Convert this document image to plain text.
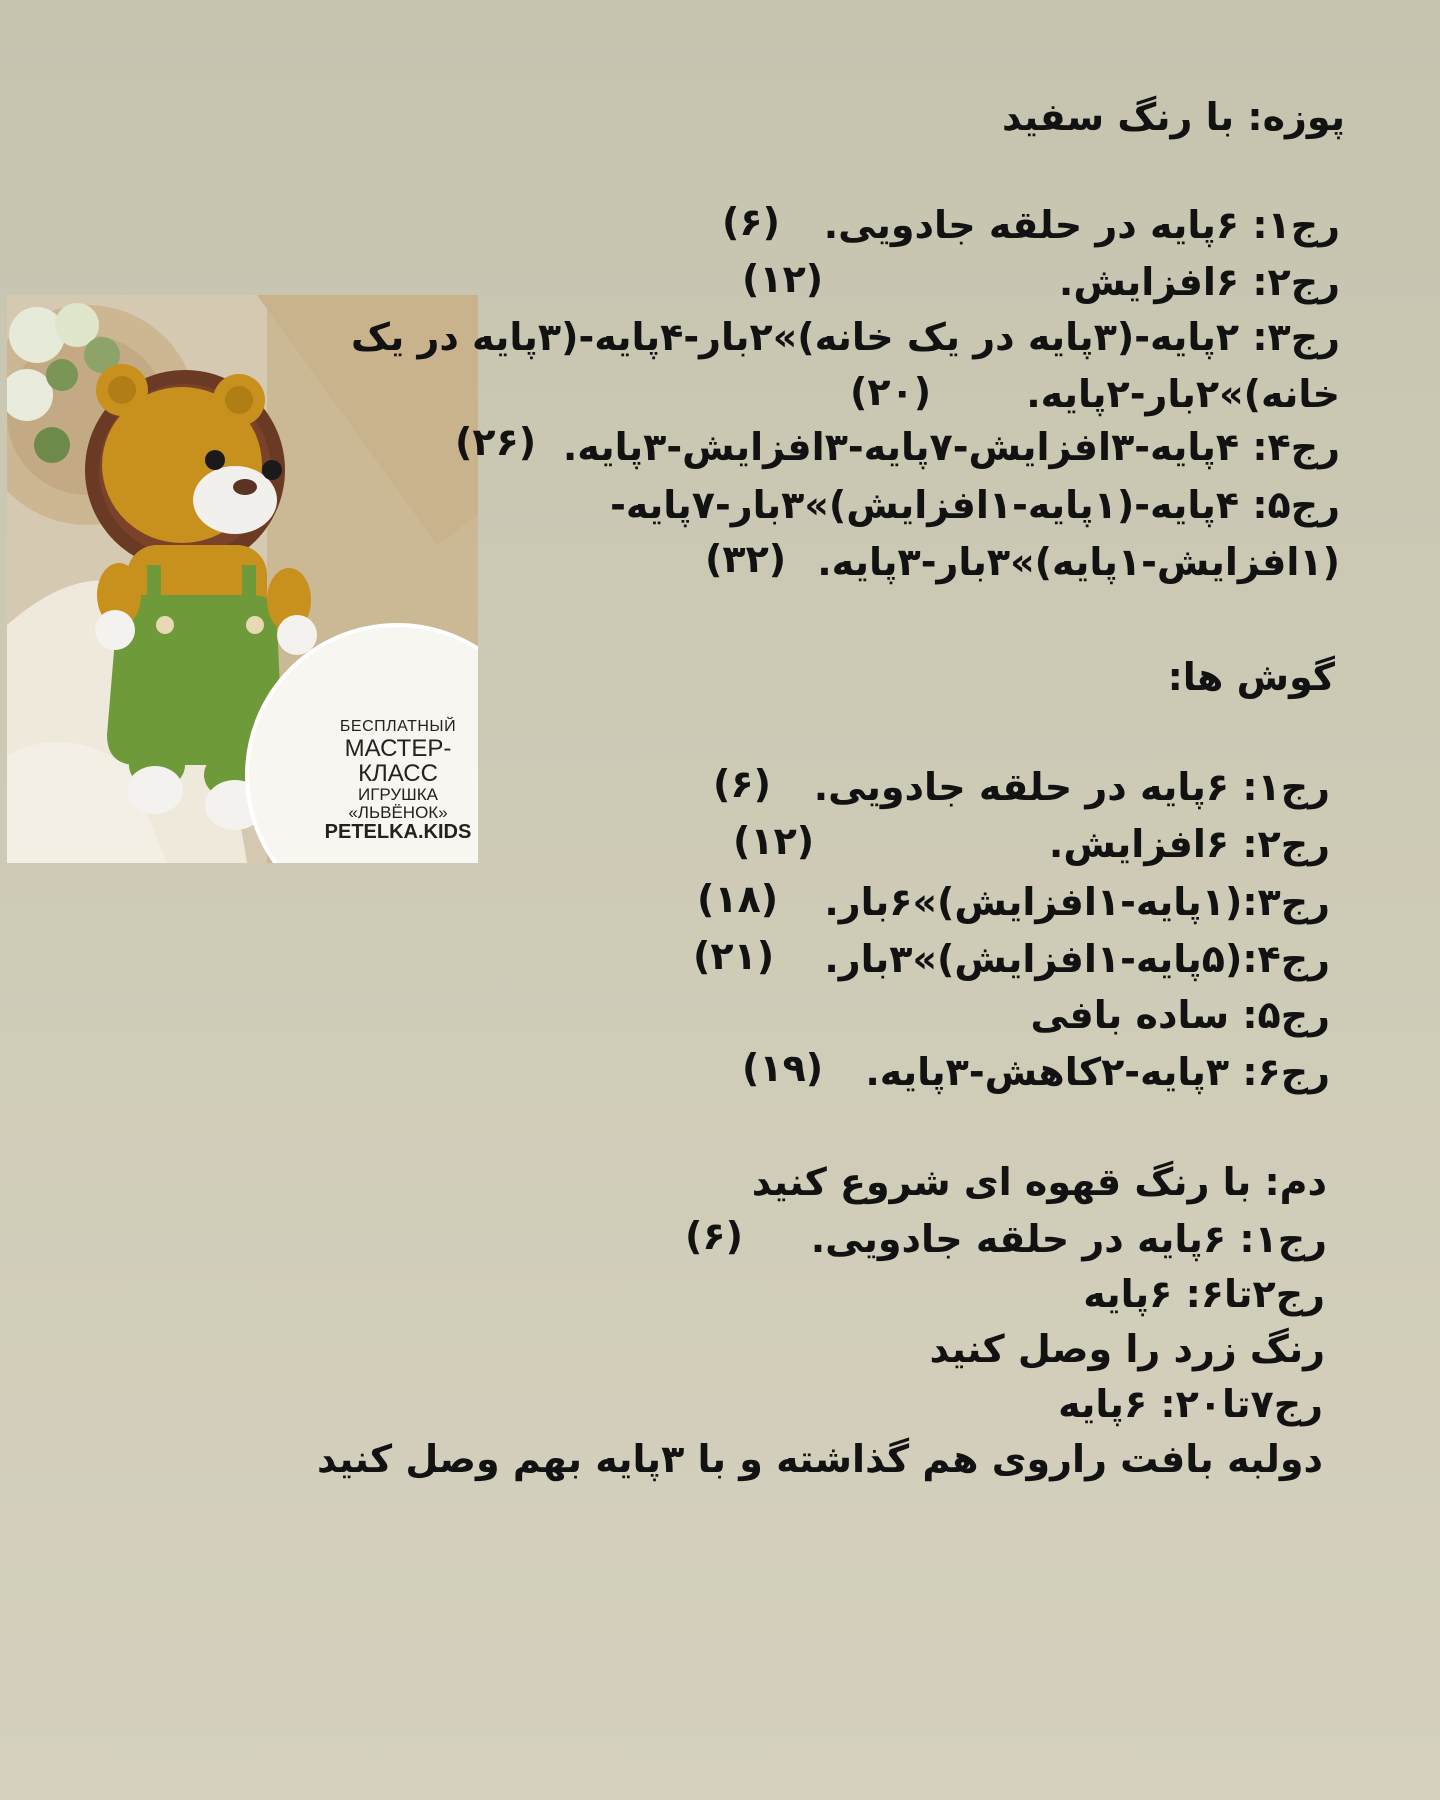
БЕСПЛАТНЫЙ
МАСТЕР-
КЛАСС
ИГРУШКА
«ЛЬВЁНОК»
PETELKA.KIDS
پوزه: با رنگ سفید
رج۱: ۶پایه در حلقه جادویی.
(۶)
رج۲: ۶افزایش.
(۱۲)
رج۳: ۲پایه-(۳پایه در یک خانه)»۲بار-۴پایه-(۳پایه در یک
خانه)»۲بار-۲پایه.
(۲۰)
رج۴: ۴پایه-۳افزایش-۷پایه-۳افزایش-۳پایه.
(۲۶)
رج۵: ۴پایه-(۱پایه-۱افزایش)»۳بار-۷پایه-
(۱افزایش-۱پایه)»۳بار-۳پایه.
(۳۲)
گوش ها:
رج۱: ۶پایه در حلقه جادویی.
(۶)
رج۲: ۶افزایش.
(۱۲)
رج۳:(۱پایه-۱افزایش)»۶بار.
(۱۸)
رج۴:(۵پایه-۱افزایش)»۳بار.
(۲۱)
رج۵: ساده بافی
رج۶: ۳پایه-۲کاهش-۳پایه.
(۱۹)
دم: با رنگ قهوه ای شروع کنید
رج۱: ۶پایه در حلقه جادویی.
(۶)
رج۲تا۶: ۶پایه
رنگ زرد را وصل کنید
رج۷تا۲۰: ۶پایه
دولبه بافت راروی هم گذاشته و با ۳پایه بهم وصل کنید
